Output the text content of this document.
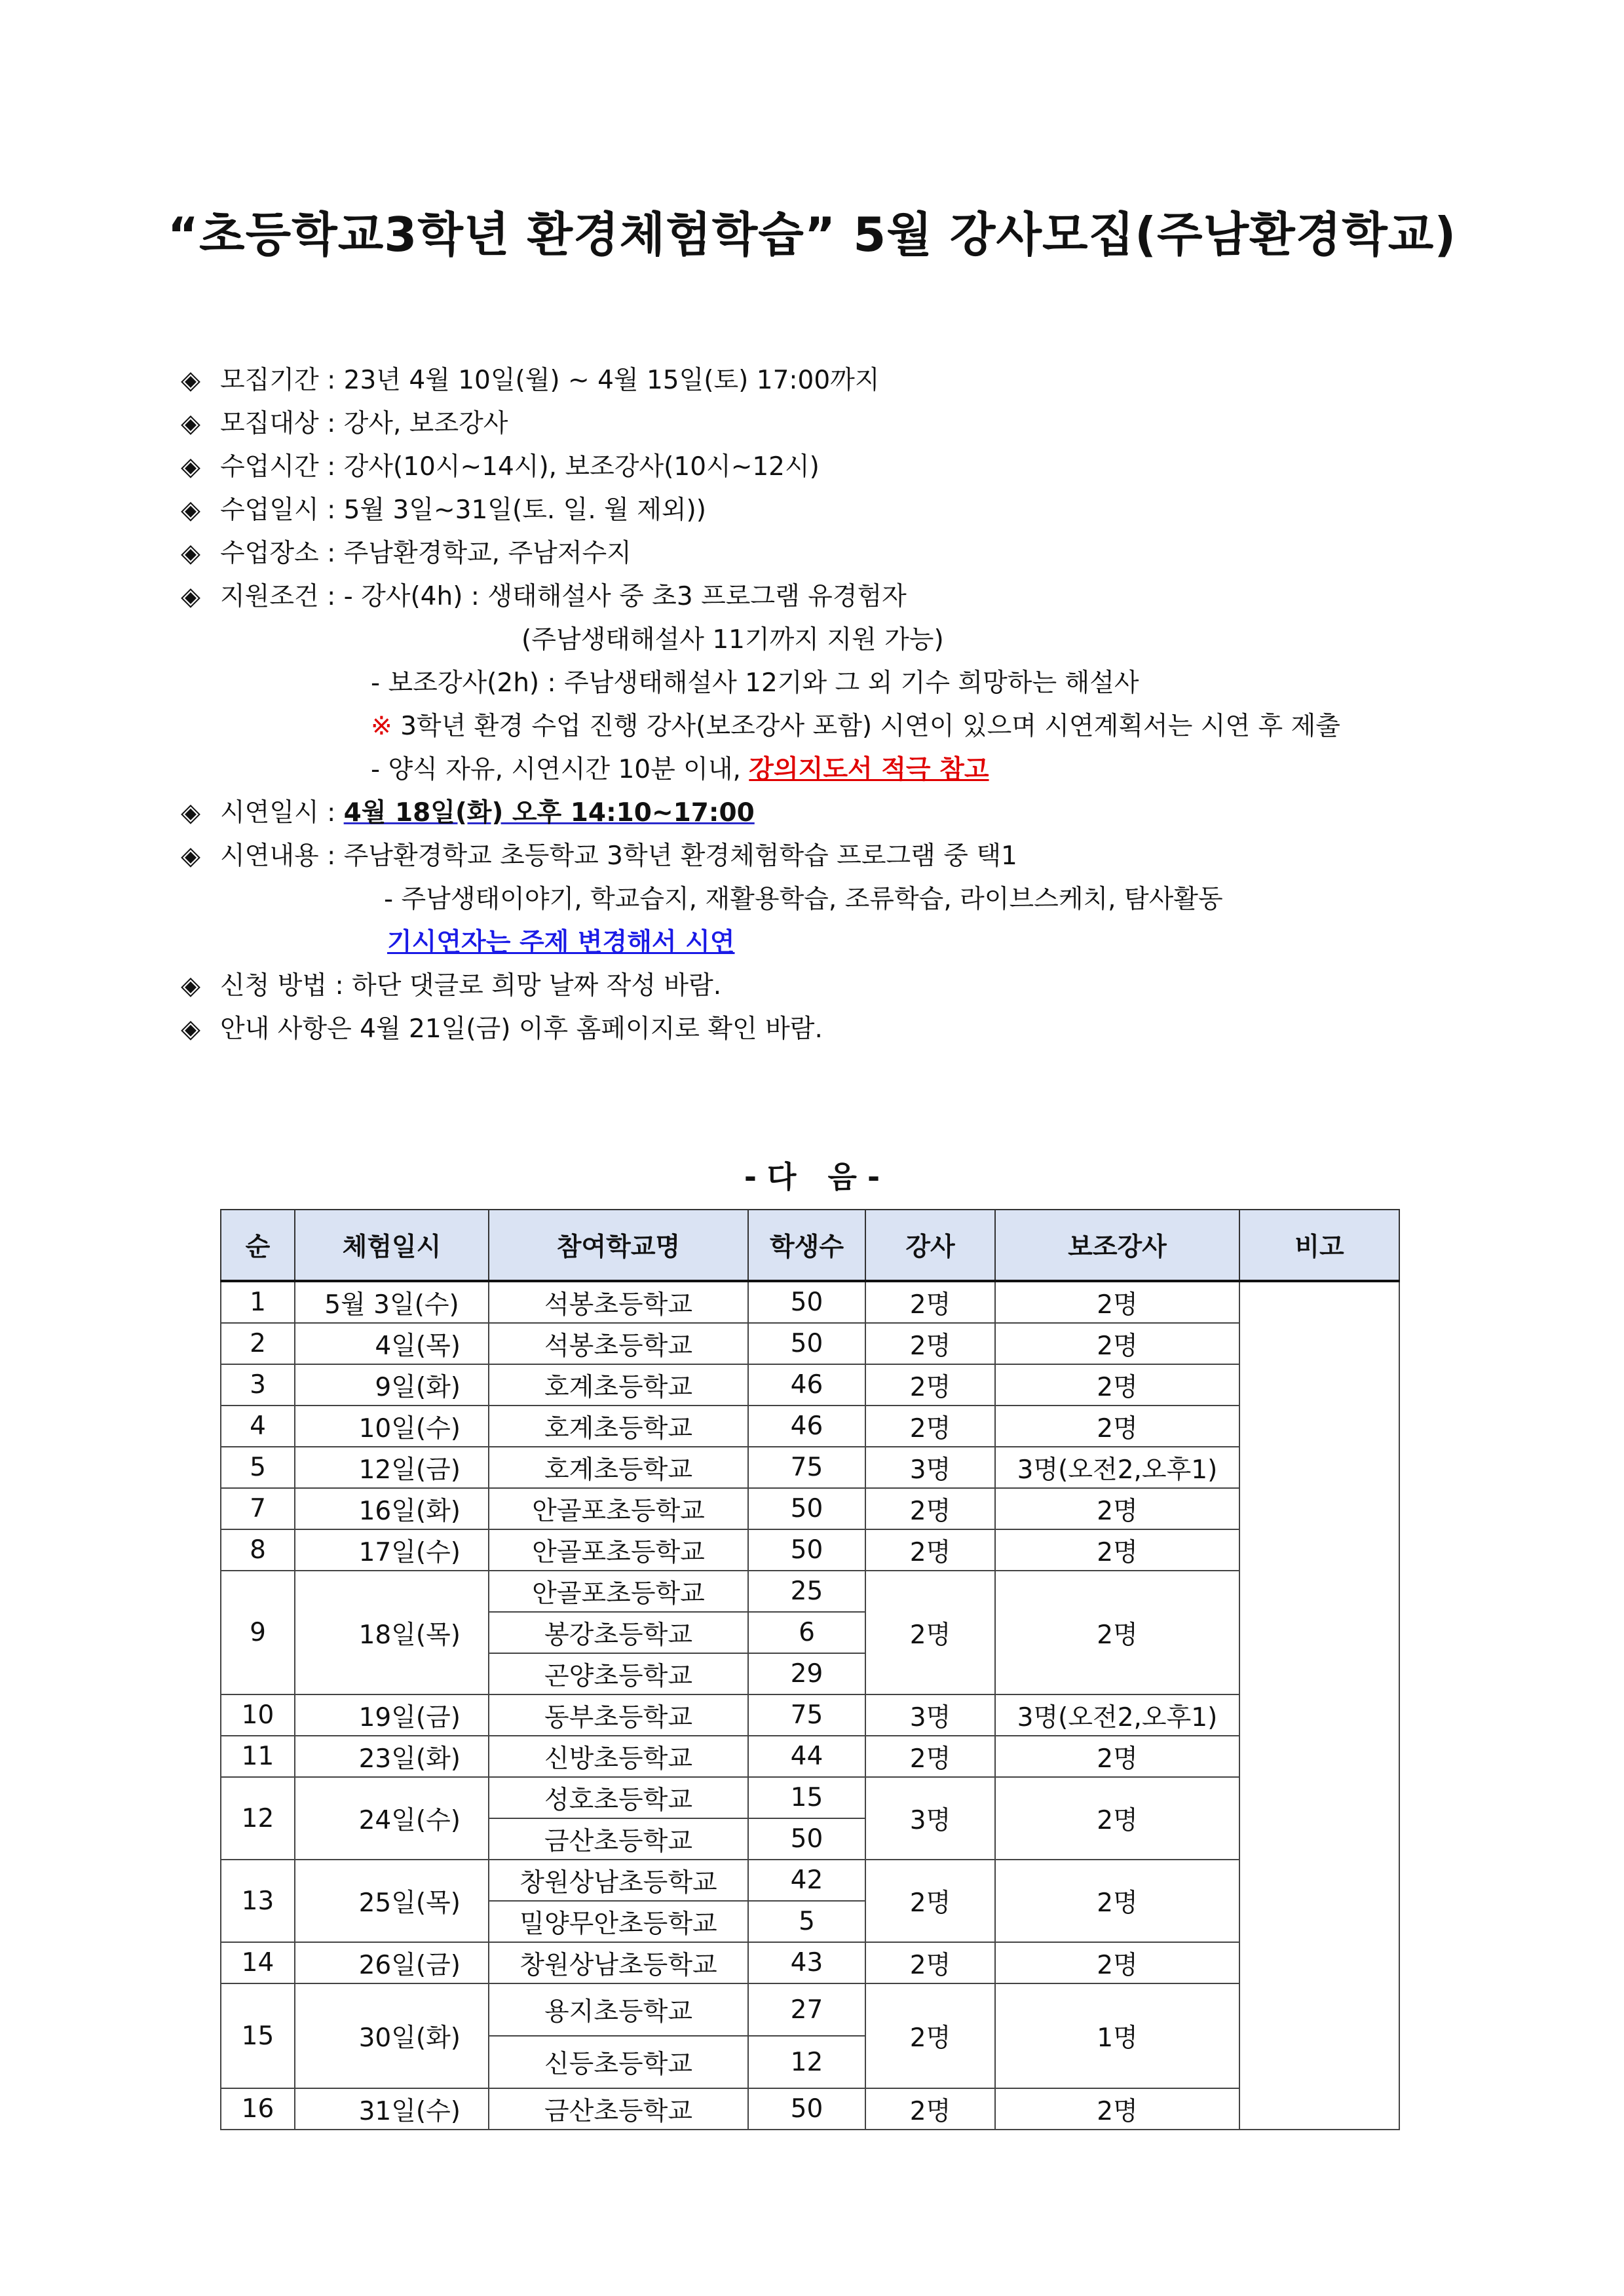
“초등학교3학년 환경체험학습” 5월 강사모집(주남환경학교)
◈ 모집기간 : 23년 4월 10일(월) ~ 4월 15일(토) 17:00까지
◈ 모집대상 : 강사, 보조강사
◈ 수업시간 : 강사(10시~14시), 보조강사(10시~12시)
◈ 수업일시 : 5월 3일~31일(토. 일. 월 제외))
◈ 수업장소 : 주남환경학교, 주남저수지
◈ 지원조건 : - 강사(4h) : 생태해설사 중 초3 프로그램 유경험자
(주남생태해설사 11기까지 지원 가능)
- 보조강사(2h) : 주남생태해설사 12기와 그 외 기수 희망하는 해설사
※ 3학년 환경 수업 진행 강사(보조강사 포함) 시연이 있으며 시연계획서는 시연 후 제출
- 양식 자유, 시연시간 10분 이내, 강의지도서 적극 참고
◈ 시연일시 : 4월 18일(화) 오후 14:10~17:00
◈ 시연내용 : 주남환경학교 초등학교 3학년 환경체험학습 프로그램 중 택1
- 주남생태이야기, 학교습지, 재활용학습, 조류학습, 라이브스케치, 탐사활동
기시연자는 주제 변경해서 시연
◈ 신청 방법 : 하단 댓글로 희망 날짜 작성 바람.
◈ 안내 사항은 4월 21일(금) 이후 홈페이지로 확인 바람.
- 다   음 -
순	체험일시	참여학교명	학생수	강사	보조강사	비고
1	5월 3일(수)	석봉초등학교	50	2명	2명	
2	4일(목)	석봉초등학교	50	2명	2명	
3	9일(화)	호계초등학교	46	2명	2명	
4	10일(수)	호계초등학교	46	2명	2명	
5	12일(금)	호계초등학교	75	3명	3명(오전2,오후1)	
7	16일(화)	안골포초등학교	50	2명	2명	
8	17일(수)	안골포초등학교	50	2명	2명	
9	18일(목)	안골포초등학교	25	2명	2명	
		봉강초등학교	6			
		곤양초등학교	29			
10	19일(금)	동부초등학교	75	3명	3명(오전2,오후1)	
11	23일(화)	신방초등학교	44	2명	2명	
12	24일(수)	성호초등학교	15	3명	2명	
		금산초등학교	50			
13	25일(목)	창원상남초등학교	42	2명	2명	
		밀양무안초등학교	5			
14	26일(금)	창원상남초등학교	43	2명	2명	
15	30일(화)	용지초등학교	27	2명	1명	
		신등초등학교	12			
16	31일(수)	금산초등학교	50	2명	2명	
